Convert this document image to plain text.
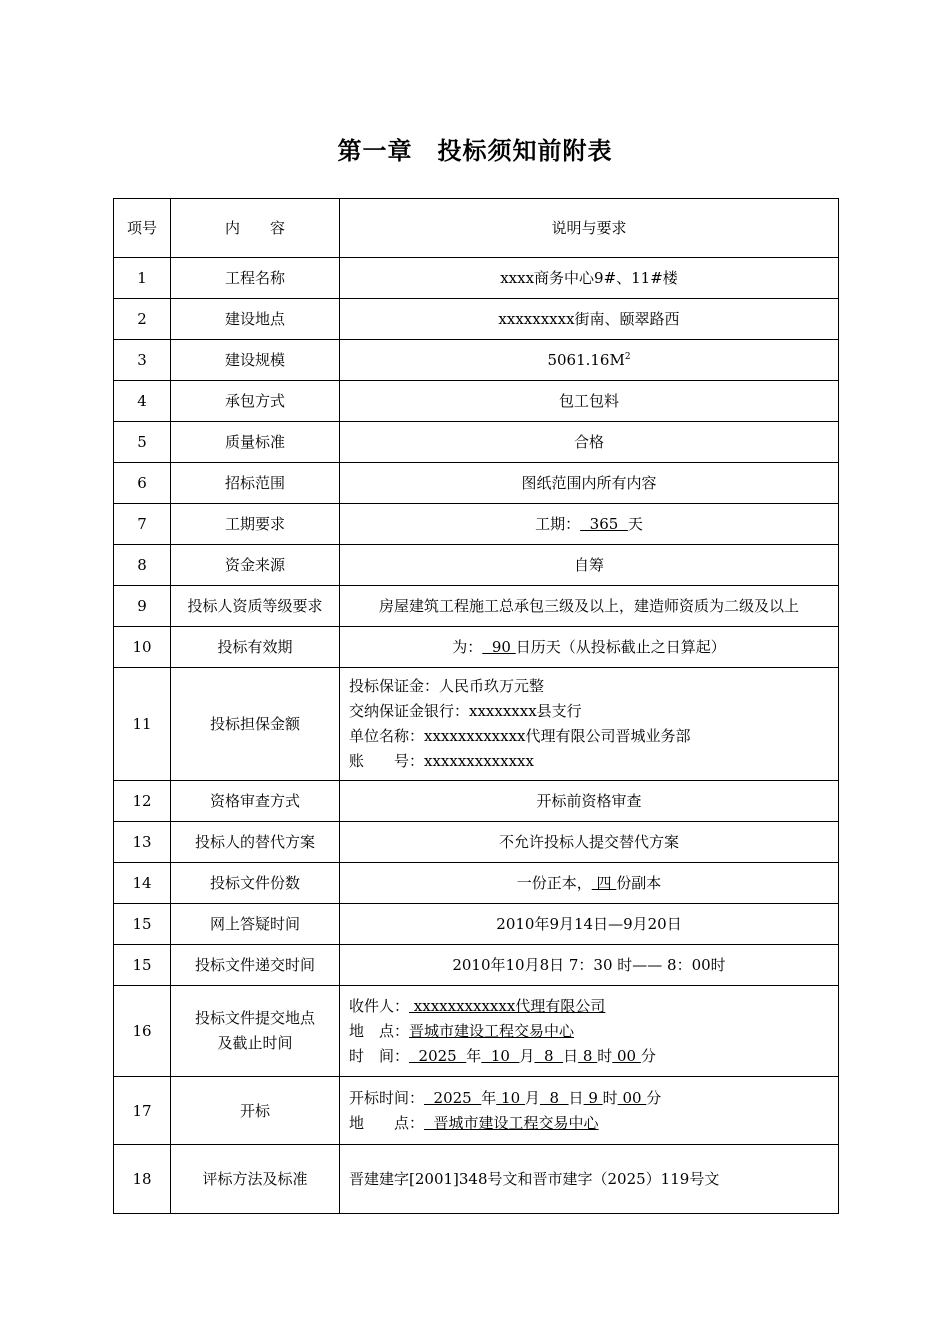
第一章　投标须知前附表
项号	内　　容	说明与要求
1	工程名称	xxxx商务中心9#、11#楼
2	建设地点	xxxxxxxxx街南、颐翠路西
3	建设规模	$5061.16M^2$
4	承包方式	包工包料
5	质量标准	合格
6	招标范围	图纸范围内所有内容
7	工期要求	工期：  365  天
8	资金来源	自筹
9	投标人资质等级要求	房屋建筑工程施工总承包三级及以上，建造师资质为二级及以上
10	投标有效期	为：  90 日历天（从投标截止之日算起）
11	投标担保金额	投标保证金：人民币玖万元整
交纳保证金银行：xxxxxxxx县支行
单位名称：xxxxxxxxxxxx代理有限公司晋城业务部
账　　号：xxxxxxxxxxxxx

12	资格审查方式	开标前资格审查
13	投标人的替代方案	不允许投标人提交替代方案
14	投标文件份数	一份正本， 四 份副本
15	网上答疑时间	2010年9月14日—9月20日
15	投标文件递交时间	2010年10月8日 7：30 时—— 8：00时
16	投标文件提交地点
及截止时间	收件人： xxxxxxxxxxxx代理有限公司
地　点：晋城市建设工程交易中心
时　间：  2025  年  10  月  8  日 8 时 00 分

17	开标	开标时间：  2025  年 10 月  8  日 9 时 00 分
地　　点：  晋城市建设工程交易中心

18	评标方法及标准	晋建建字[2001]348号文和晋市建字（2025）119号文
